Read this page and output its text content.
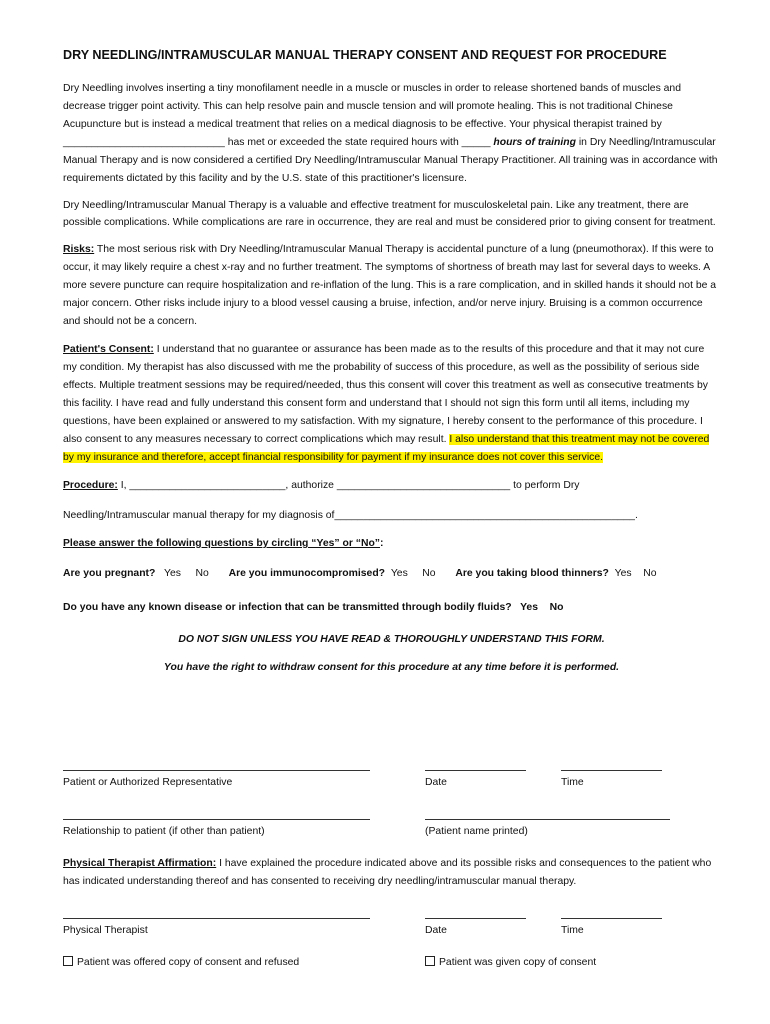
DRY NEEDLING/INTRAMUSCULAR MANUAL THERAPY CONSENT AND REQUEST FOR PROCEDURE

Dry Needling involves inserting a tiny monofilament needle in a muscle or muscles in order to release shortened bands of muscles and decrease trigger point activity. This can help resolve pain and muscle tension and will promote healing. This is not traditional Chinese Acupuncture but is instead a medical treatment that relies on a medical diagnosis to be effective. Your physical therapist trained by ____________________________ has met or exceeded the state required hours with _____ hours of training in Dry Needling/Intramuscular Manual Therapy and is now considered a certified Dry Needling/Intramuscular Manual Therapy Practitioner. All training was in accordance with requirements dictated by this facility and by the U.S. state of this practitioner's licensure.

Dry Needling/Intramuscular Manual Therapy is a valuable and effective treatment for musculoskeletal pain. Like any treatment, there are possible complications. While complications are rare in occurrence, they are real and must be considered prior to giving consent for treatment.

Risks: The most serious risk with Dry Needling/Intramuscular Manual Therapy is accidental puncture of a lung (pneumothorax). If this were to occur, it may likely require a chest x-ray and no further treatment. The symptoms of shortness of breath may last for several days to weeks. A more severe puncture can require hospitalization and re-inflation of the lung. This is a rare complication, and in skilled hands it should not be a major concern. Other risks include injury to a blood vessel causing a bruise, infection, and/or nerve injury. Bruising is a common occurrence and should not be a concern.

Patient's Consent: I understand that no guarantee or assurance has been made as to the results of this procedure and that it may not cure my condition. My therapist has also discussed with me the probability of success of this procedure, as well as the possibility of serious side effects. Multiple treatment sessions may be required/needed, thus this consent will cover this treatment as well as consecutive treatments by this facility. I have read and fully understand this consent form and understand that I should not sign this form until all items, including my questions, have been explained or answered to my satisfaction. With my signature, I hereby consent to the performance of this procedure. I also consent to any measures necessary to correct complications which may result. I also understand that this treatment may not be covered by my insurance and therefore, accept financial responsibility for payment if my insurance does not cover this service.

Procedure: I, ___________________________, authorize ______________________________ to perform Dry

Needling/Intramuscular manual therapy for my diagnosis of____________________________________________________.

Please answer the following questions by circling “Yes” or “No”:

Are you pregnant? Yes No Are you immunocompromised? Yes No Are you taking blood thinners? Yes No

Do you have any known disease or infection that can be transmitted through bodily fluids? Yes No

DO NOT SIGN UNLESS YOU HAVE READ & THOROUGHLY UNDERSTAND THIS FORM.

You have the right to withdraw consent for this procedure at any time before it is performed.

Patient or Authorized Representative	Date	Time
Relationship to patient (if other than patient)	(Patient name printed)

Physical Therapist Affirmation: I have explained the procedure indicated above and its possible risks and consequences to the patient who has indicated understanding thereof and has consented to receiving dry needling/intramuscular manual therapy.

Physical Therapist	Date	Time
Patient was offered copy of consent and refused	Patient was given copy of consent
